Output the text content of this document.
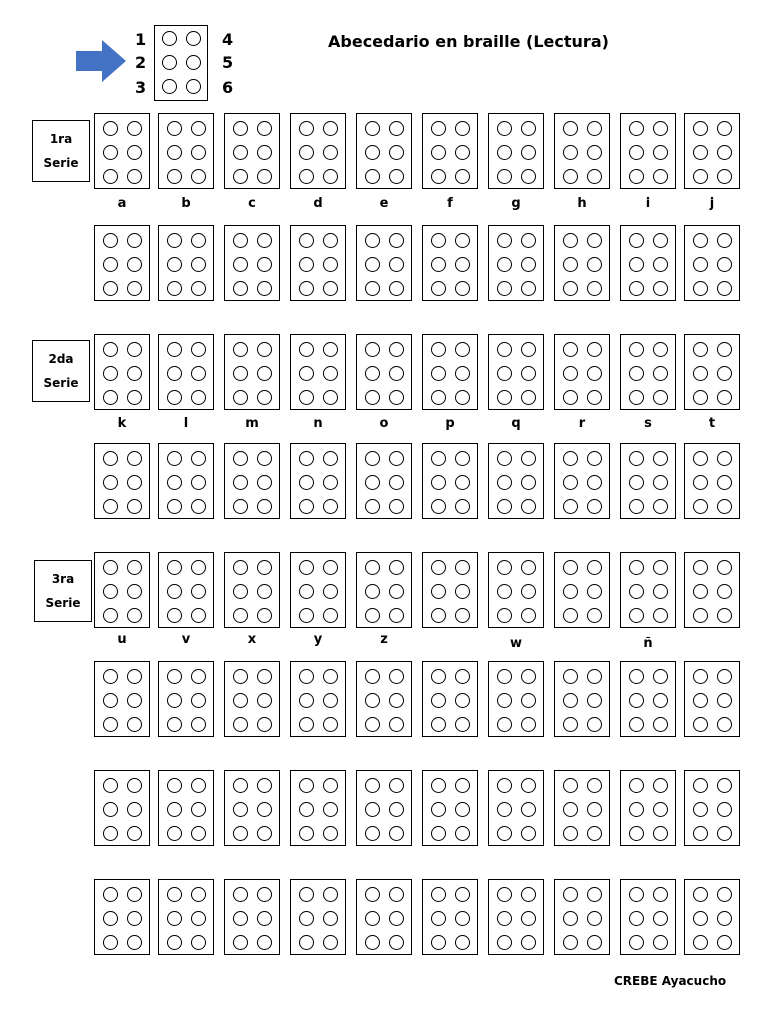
1
2
3
4
5
6
Abecedario en braille (Lectura)
1ra
Serie
2da
Serie
3ra
Serie
a	b	c	d	e	f	g	h	i	j
k	l	m	n	o	p	q	r	s	t
u	v	x	y	z	w	ñ
CREBE Ayacucho
